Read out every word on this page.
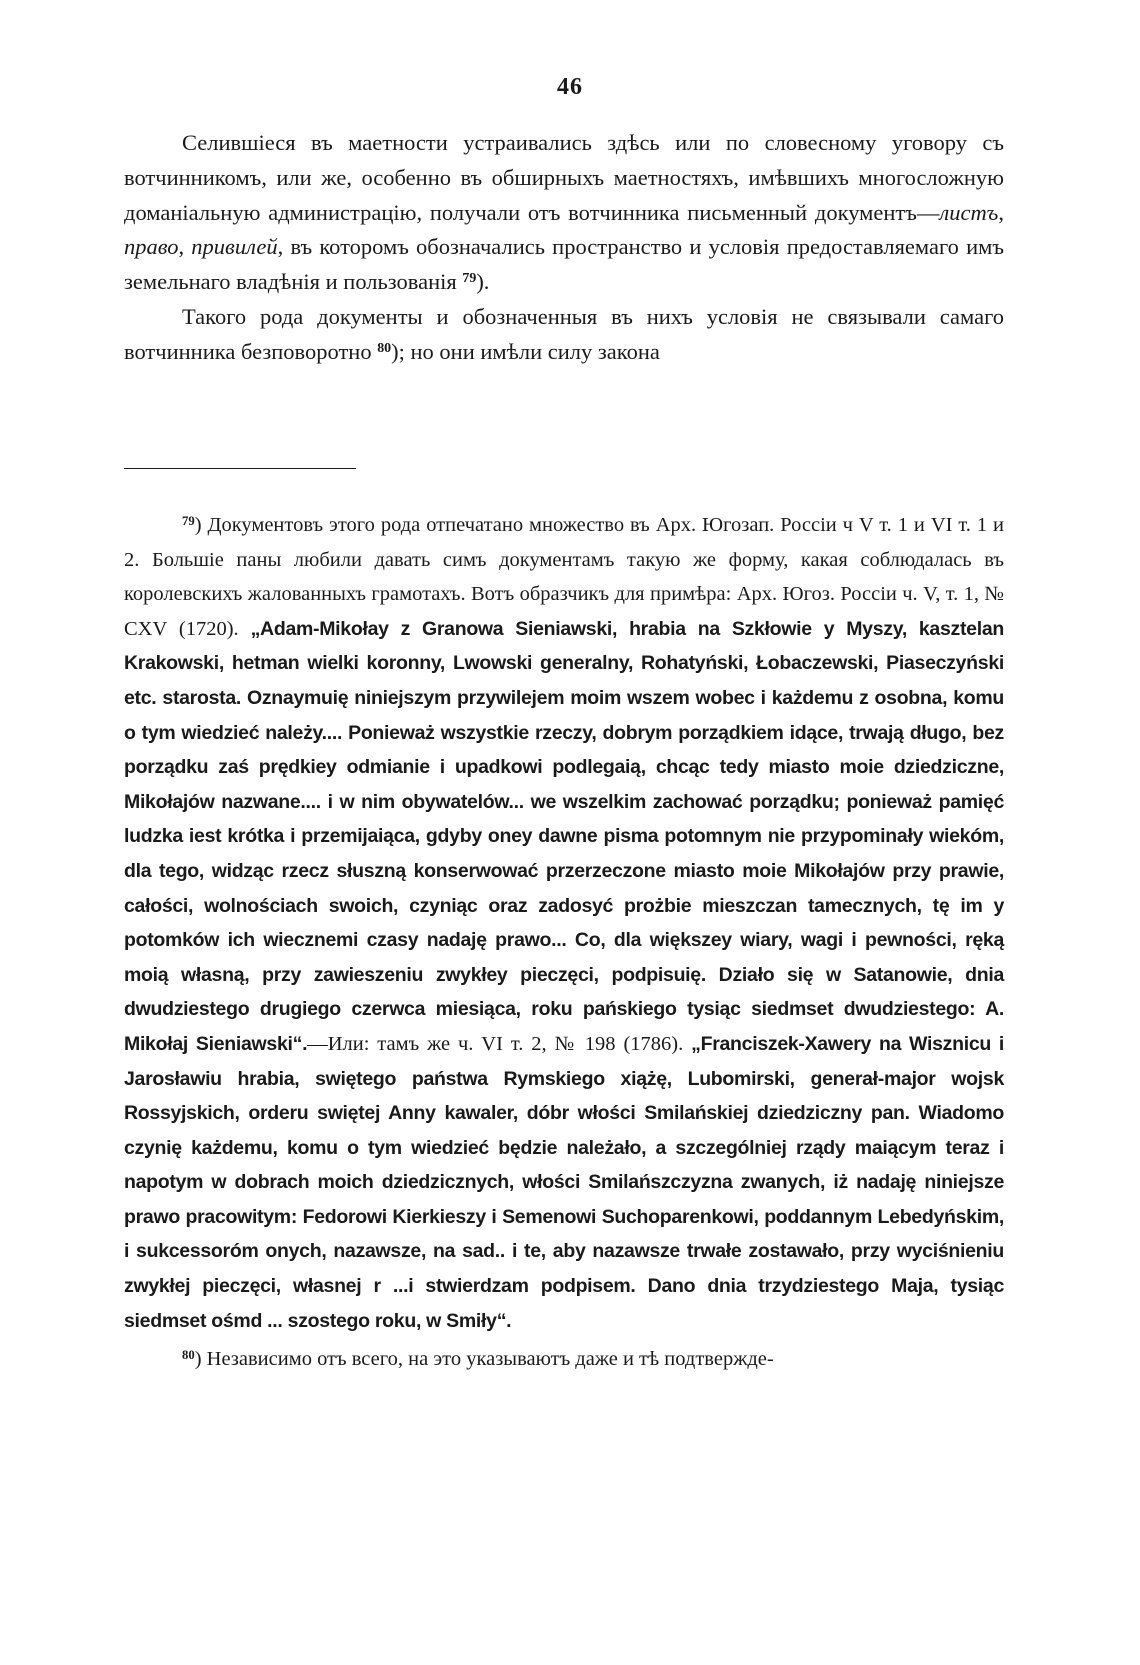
46

Селившіеся въ маетности устраивались здѣсь или по словесному уговору съ вотчинникомъ, или же, особенно въ обширныхъ маетностяхъ, имѣвшихъ многосложную доманіальную администрацію, получали отъ вотчинника письменный документъ—листъ, право, привилей, въ которомъ обозначались пространство и условія предоставляемаго имъ земельнаго владѣнія и пользованія $^{79}$).

Такого рода документы и обозначенныя въ нихъ условія не связывали самаго вотчинника безповоротно $^{80}$); но они имѣли силу закона

$^{79}$) Документовъ этого рода отпечатано множество въ Арх. Югозап. Россіи ч V т. 1 и VI т. 1 и 2. Большіе паны любили давать симъ документамъ такую же форму, какая соблюдалась въ королевскихъ жалованныхъ грамотахъ. Вотъ образчикъ для примѣра: Арх. Югоз. Россіи ч. V, т. 1, № CXV (1720). „Adam-Mikołay z Granowa Sieniawski, hrabia na Szkłowie y Myszy, kasztelan Krakowski, hetman wielki koronny, Lwowski generalny, Rohatyński, Łobaczewski, Piaseczyński etc. starosta. Oznaymuię niniejszym przywilejem moim wszem wobec i każdemu z osobna, komu o tym wiedzieć należy.... Ponieważ wszystkie rzeczy, dobrym porządkiem idące, trwają długo, bez porządku zaś prędkiey odmianie i upadkowi podlegaią, chcąc tedy miasto moie dziedziczne, Mikołajów nazwane.... i w nim obywatelów... we wszelkim zachować porządku; ponieważ pamięć ludzka iest krótka i przemijaiąca, gdyby oney dawne pisma potomnym nie przypominały wiekóm, dla tego, widząc rzecz słuszną konserwować przerzeczone miasto moie Mikołajów przy prawie, całości, wolnościach swoich, czyniąc oraz zadosyć prożbie mieszczan tamecznych, tę im y potomków ich wiecznemi czasy nadaję prawo... Co, dla większey wiary, wagi i pewności, ręką moią własną, przy zawieszeniu zwykłey pieczęci, podpisuię. Działo się w Satanowie, dnia dwudziestego drugiego czerwca miesiąca, roku pańskiego tysiąc siedmset dwudziestego: A. Mikołaj Sieniawski“.—Или: тамъ же ч. VI т. 2, № 198 (1786). „Franciszek-Xawery na Wisznicu i Jarosławiu hrabia, swiętego państwa Rymskiego xiążę, Lubomirski, generał-major wojsk Rossyjskich, orderu swiętej Anny kawaler, dóbr włości Smilańskiej dziedziczny pan. Wiadomo czynię każdemu, komu o tym wiedzieć będzie należało, a szczególniej rządy maiącym teraz i napotym w dobrach moich dziedzicznych, włości Smilańszczyzna zwanych, iż nadaję niniejsze prawo pracowitym: Fedorowi Kierkieszy i Semenowi Suchoparenkowi, poddannym Lebedyńskim, i sukcessoróm onych, nazawsze, na sad.. i te, aby nazawsze trwałe zostawało, przy wyciśnieniu zwykłej pieczęci, własnej r ...i stwierdzam podpisem. Dano dnia trzydziestego Maja, tysiąc siedmset ośmd ... szostego roku, w Smiły“.

$^{80}$) Независимо отъ всего, на это указываютъ даже и тѣ подтверждe-
